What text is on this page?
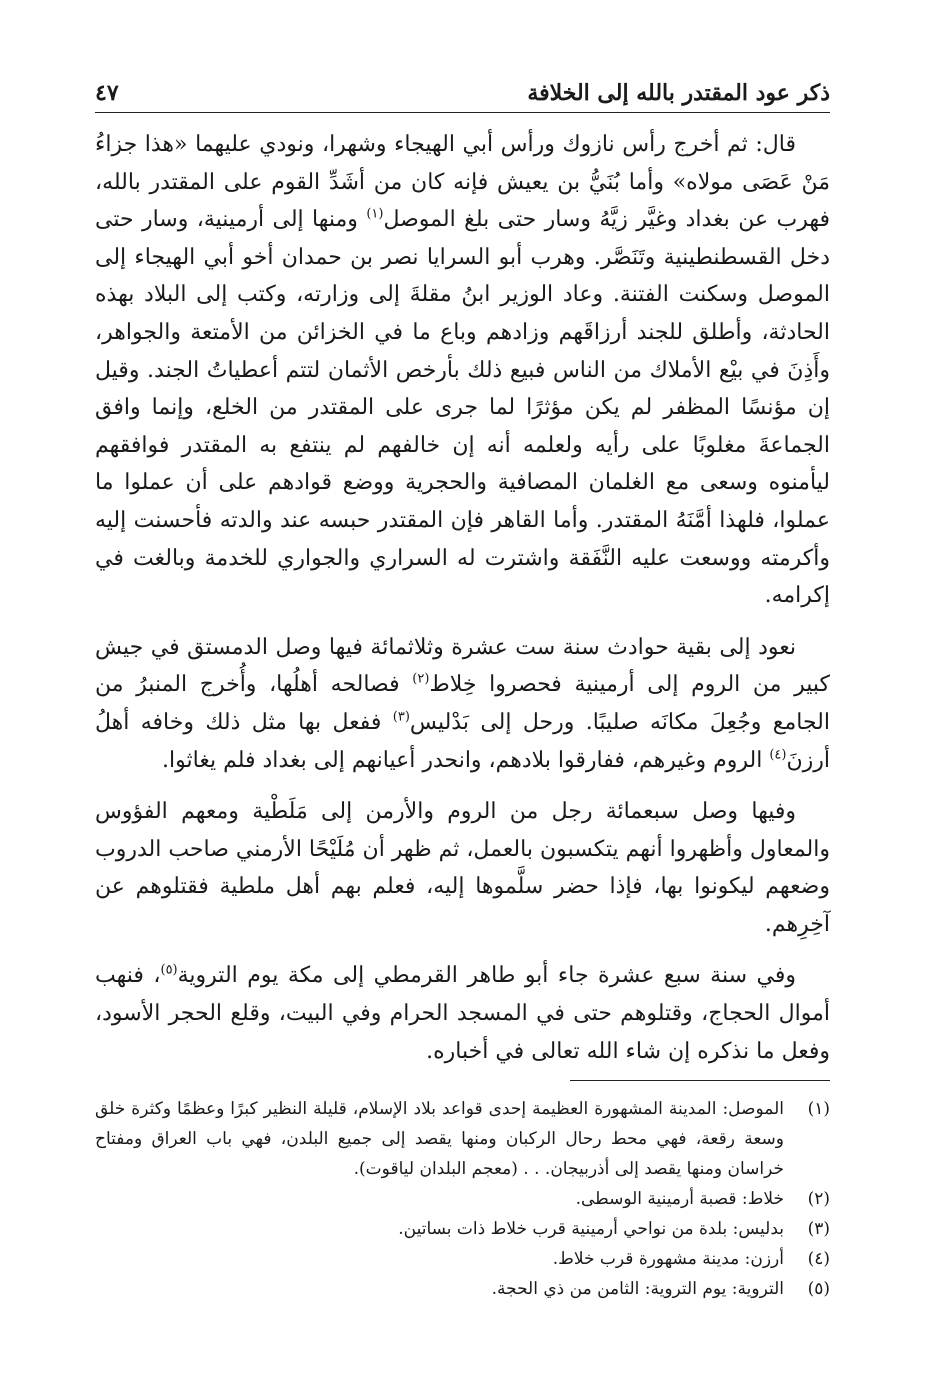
ذكر عود المقتدر بالله إلى الخلافة
٤٧

قال: ثم أخرج رأس نازوك ورأس أبي الهيجاء وشهرا، ونودي عليهما «هذا جزاءُ مَنْ عَصَى مولاه» وأما بُنَيُّ بن يعيش فإنه كان من أشَدِّ القوم على المقتدر بالله، فهرب عن بغداد وغيَّر زيَّهُ وسار حتى بلغ الموصل$^{(١)}$ ومنها إلى أرمينية، وسار حتى دخل القسطنطينية وتَنَصَّر. وهرب أبو السرايا نصر بن حمدان أخو أبي الهيجاء إلى الموصل وسكنت الفتنة. وعاد الوزير ابنُ مقلةَ إلى وزارته، وكتب إلى البلاد بهذه الحادثة، وأطلق للجند أرزاقَهم وزادهم وباع ما في الخزائن من الأمتعة والجواهر، وأَذِنَ في بيْع الأملاك من الناس فبيع ذلك بأرخص الأثمان لتتم أعطياتُ الجند. وقيل إن مؤنسًا المظفر لم يكن مؤثرًا لما جرى على المقتدر من الخلع، وإنما وافق الجماعةَ مغلوبًا على رأيه ولعلمه أنه إن خالفهم لم ينتفع به المقتدر فوافقهم ليأمنوه وسعى مع الغلمان المصافية والحجرية ووضع قوادهم على أن عملوا ما عملوا، فلهذا أمَّنَهُ المقتدر. وأما القاهر فإن المقتدر حبسه عند والدته فأحسنت إليه وأكرمته ووسعت عليه النَّفَقة واشترت له السراري والجواري للخدمة وبالغت في إكرامه.

نعود إلى بقية حوادث سنة ست عشرة وثلاثمائة فيها وصل الدمستق في جيش كبير من الروم إلى أرمينية فحصروا خِلاط$^{(٢)}$ فصالحه أهلُها، وأُخرج المنبرُ من الجامع وجُعِلَ مكانَه صليبًا. ورحل إلى بَدْليس$^{(٣)}$ ففعل بها مثل ذلك وخافه أهلُ أرزنَ$^{(٤)}$ الروم وغيرهم، ففارقوا بلادهم، وانحدر أعيانهم إلى بغداد فلم يغاثوا.

وفيها وصل سبعمائة رجل من الروم والأرمن إلى مَلَطْية ومعهم الفؤوس والمعاول وأظهروا أنهم يتكسبون بالعمل، ثم ظهر أن مُلَيْحًا الأرمني صاحب الدروب وضعهم ليكونوا بها، فإذا حضر سلَّموها إليه، فعلم بهم أهل ملطية فقتلوهم عن آخِرِهم.

وفي سنة سبع عشرة جاء أبو طاهر القرمطي إلى مكة يوم التروية$^{(٥)}$، فنهب أموال الحجاج، وقتلوهم حتى في المسجد الحرام وفي البيت، وقلع الحجر الأسود، وفعل ما نذكره إن شاء الله تعالى في أخباره.

(١)
الموصل: المدينة المشهورة العظيمة إحدى قواعد بلاد الإسلام، قليلة النظير كبرًا وعظمًا وكثرة خلق وسعة رقعة، فهي محط رحال الركبان ومنها يقصد إلى جميع البلدن، فهي باب العراق ومفتاح خراسان ومنها يقصد إلى أذربيجان. . . (معجم البلدان لياقوت).
(٢)
خلاط: قصبة أرمينية الوسطى.
(٣)
بدليس: بلدة من نواحي أرمينية قرب خلاط ذات بساتين.
(٤)
أرزن: مدينة مشهورة قرب خلاط.
(٥)
التروية: يوم التروية: الثامن من ذي الحجة.
